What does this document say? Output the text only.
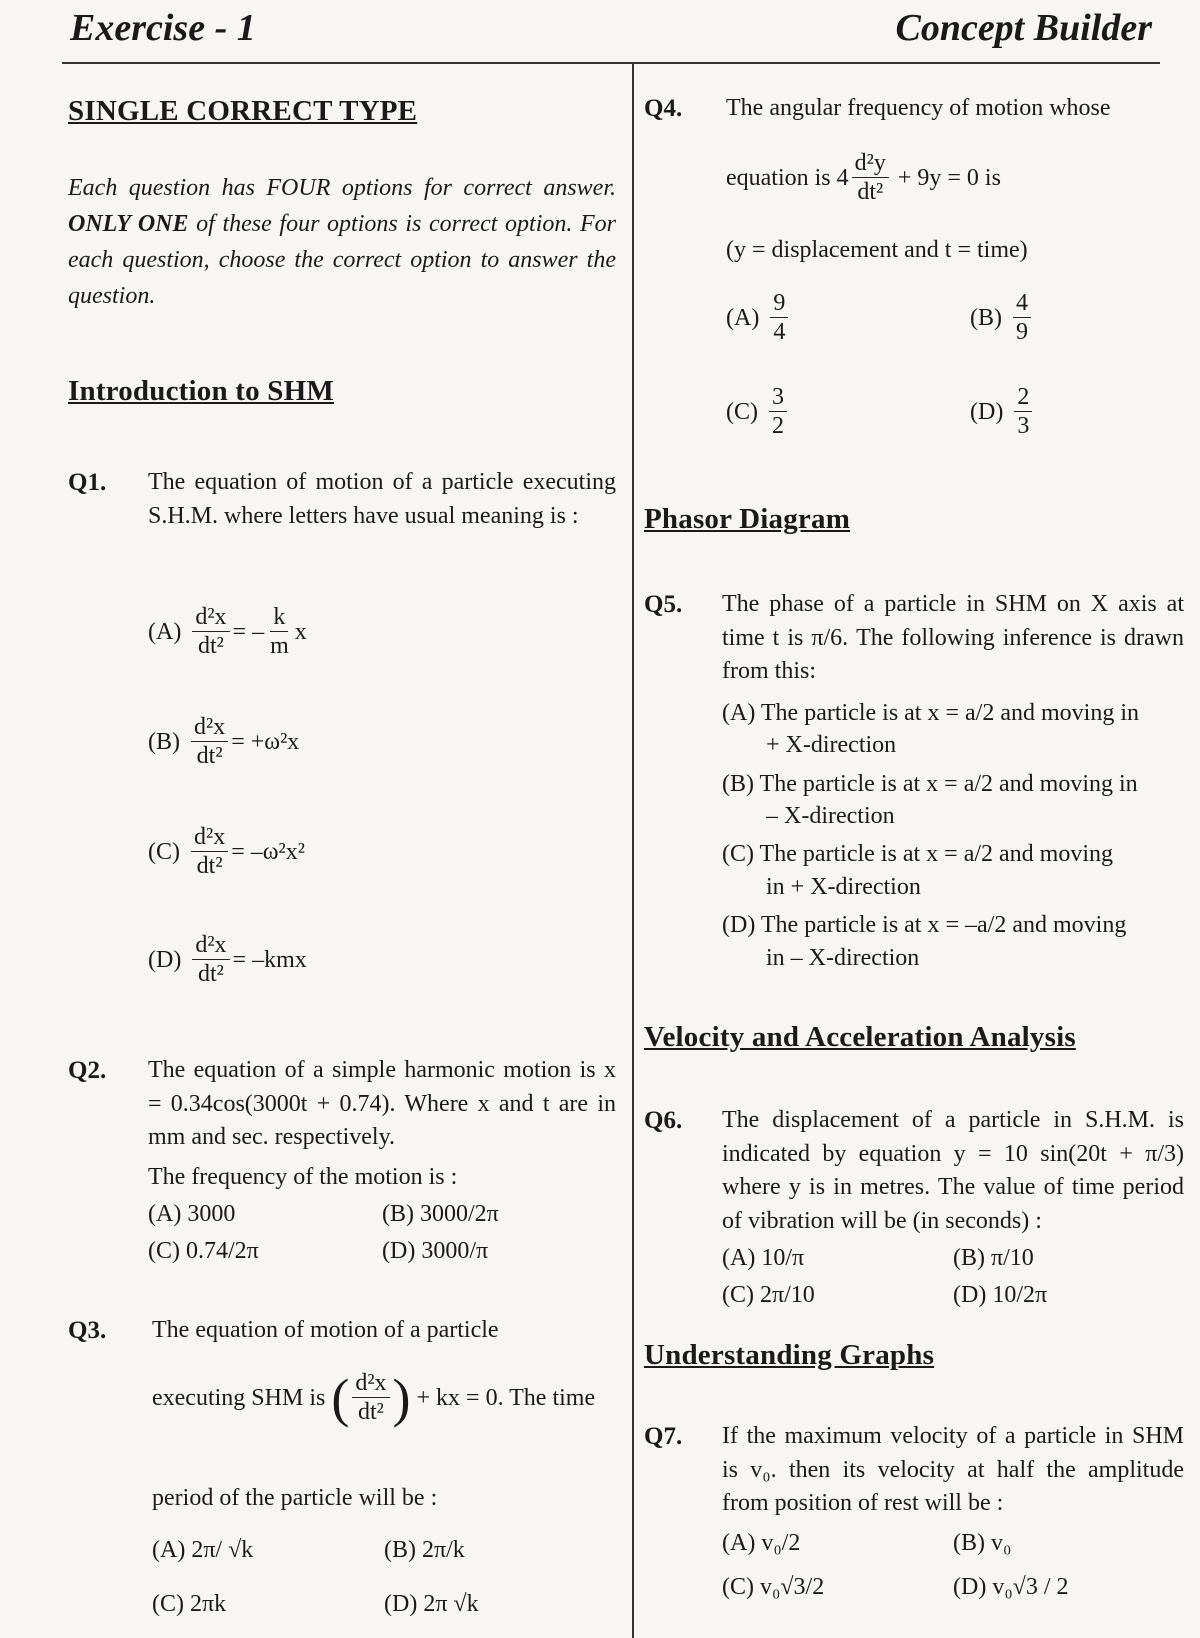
Exercise - 1	Concept Builder
SINGLE CORRECT TYPE
Each question has FOUR options for correct answer. ONLY ONE of these four options is correct option. For each question, choose the correct option to answer the question.
Introduction to SHM
Q1. The equation of motion of a particle executing S.H.M. where letters have usual meaning is :
$(A) \frac{\text{d²x}}{\text{dt²}}$ = – $\frac{k}{m}$ x
$(B) \frac{\text{d²x}}{\text{dt²}} = +\omega^2x$
$(C) \frac{\text{d²x}}{\text{dt²}} = -\omega^2x^2$
$(D) \frac{\text{d²x}}{\text{dt²}} = -kmx$
Q2. The equation of a simple harmonic motion is x = 0.34cos(3000t + 0.74). Where x and t are in mm and sec. respectively.
The frequency of the motion is :
(A) 3000	(B) 3000/2π
(C) 0.74/2π	(D) 3000/π
Q3. The equation of motion of a particle
executing SHM is ( $\frac{\text{d²x}}{\text{dt²}}$ ) + kx = 0. The time
period of the particle will be :
(A) 2π/ √k	(B) 2π/k
(C) 2πk	(D) 2π √k
Q4. The angular frequency of motion whose
equation is $4 \frac{\text{d²y}}{\text{dt²}} + 9y = 0$ is
(y = displacement and t = time)
$(A) \frac{9}{4}$	$(B) \frac{4}{9}$
$(C) \frac{3}{2}$	$(D) \frac{2}{3}$
Phasor Diagram
Q5. The phase of a particle in SHM on X axis at time t is π/6. The following inference is drawn from this:
(A) The particle is at x = a/2 and moving in
+ X-direction
(B) The particle is at x = a/2 and moving in
– X-direction
(C) The particle is at x = a/2 and moving
in + X-direction
(D) The particle is at x = –a/2 and moving
in – X-direction
Velocity and Acceleration Analysis
Q6. The displacement of a particle in S.H.M. is indicated by equation y = 10 sin(20t + π/3) where y is in metres. The value of time period of vibration will be (in seconds) :
(A) 10/π	(B) π/10
(C) 2π/10	(D) 10/2π
Understanding Graphs
Q7. If the maximum velocity of a particle in SHM is v₀. then its velocity at half the amplitude from position of rest will be :
(A) v₀/2	(B) v₀
(C) v₀√3/2	(D) v₀√3 / 2
